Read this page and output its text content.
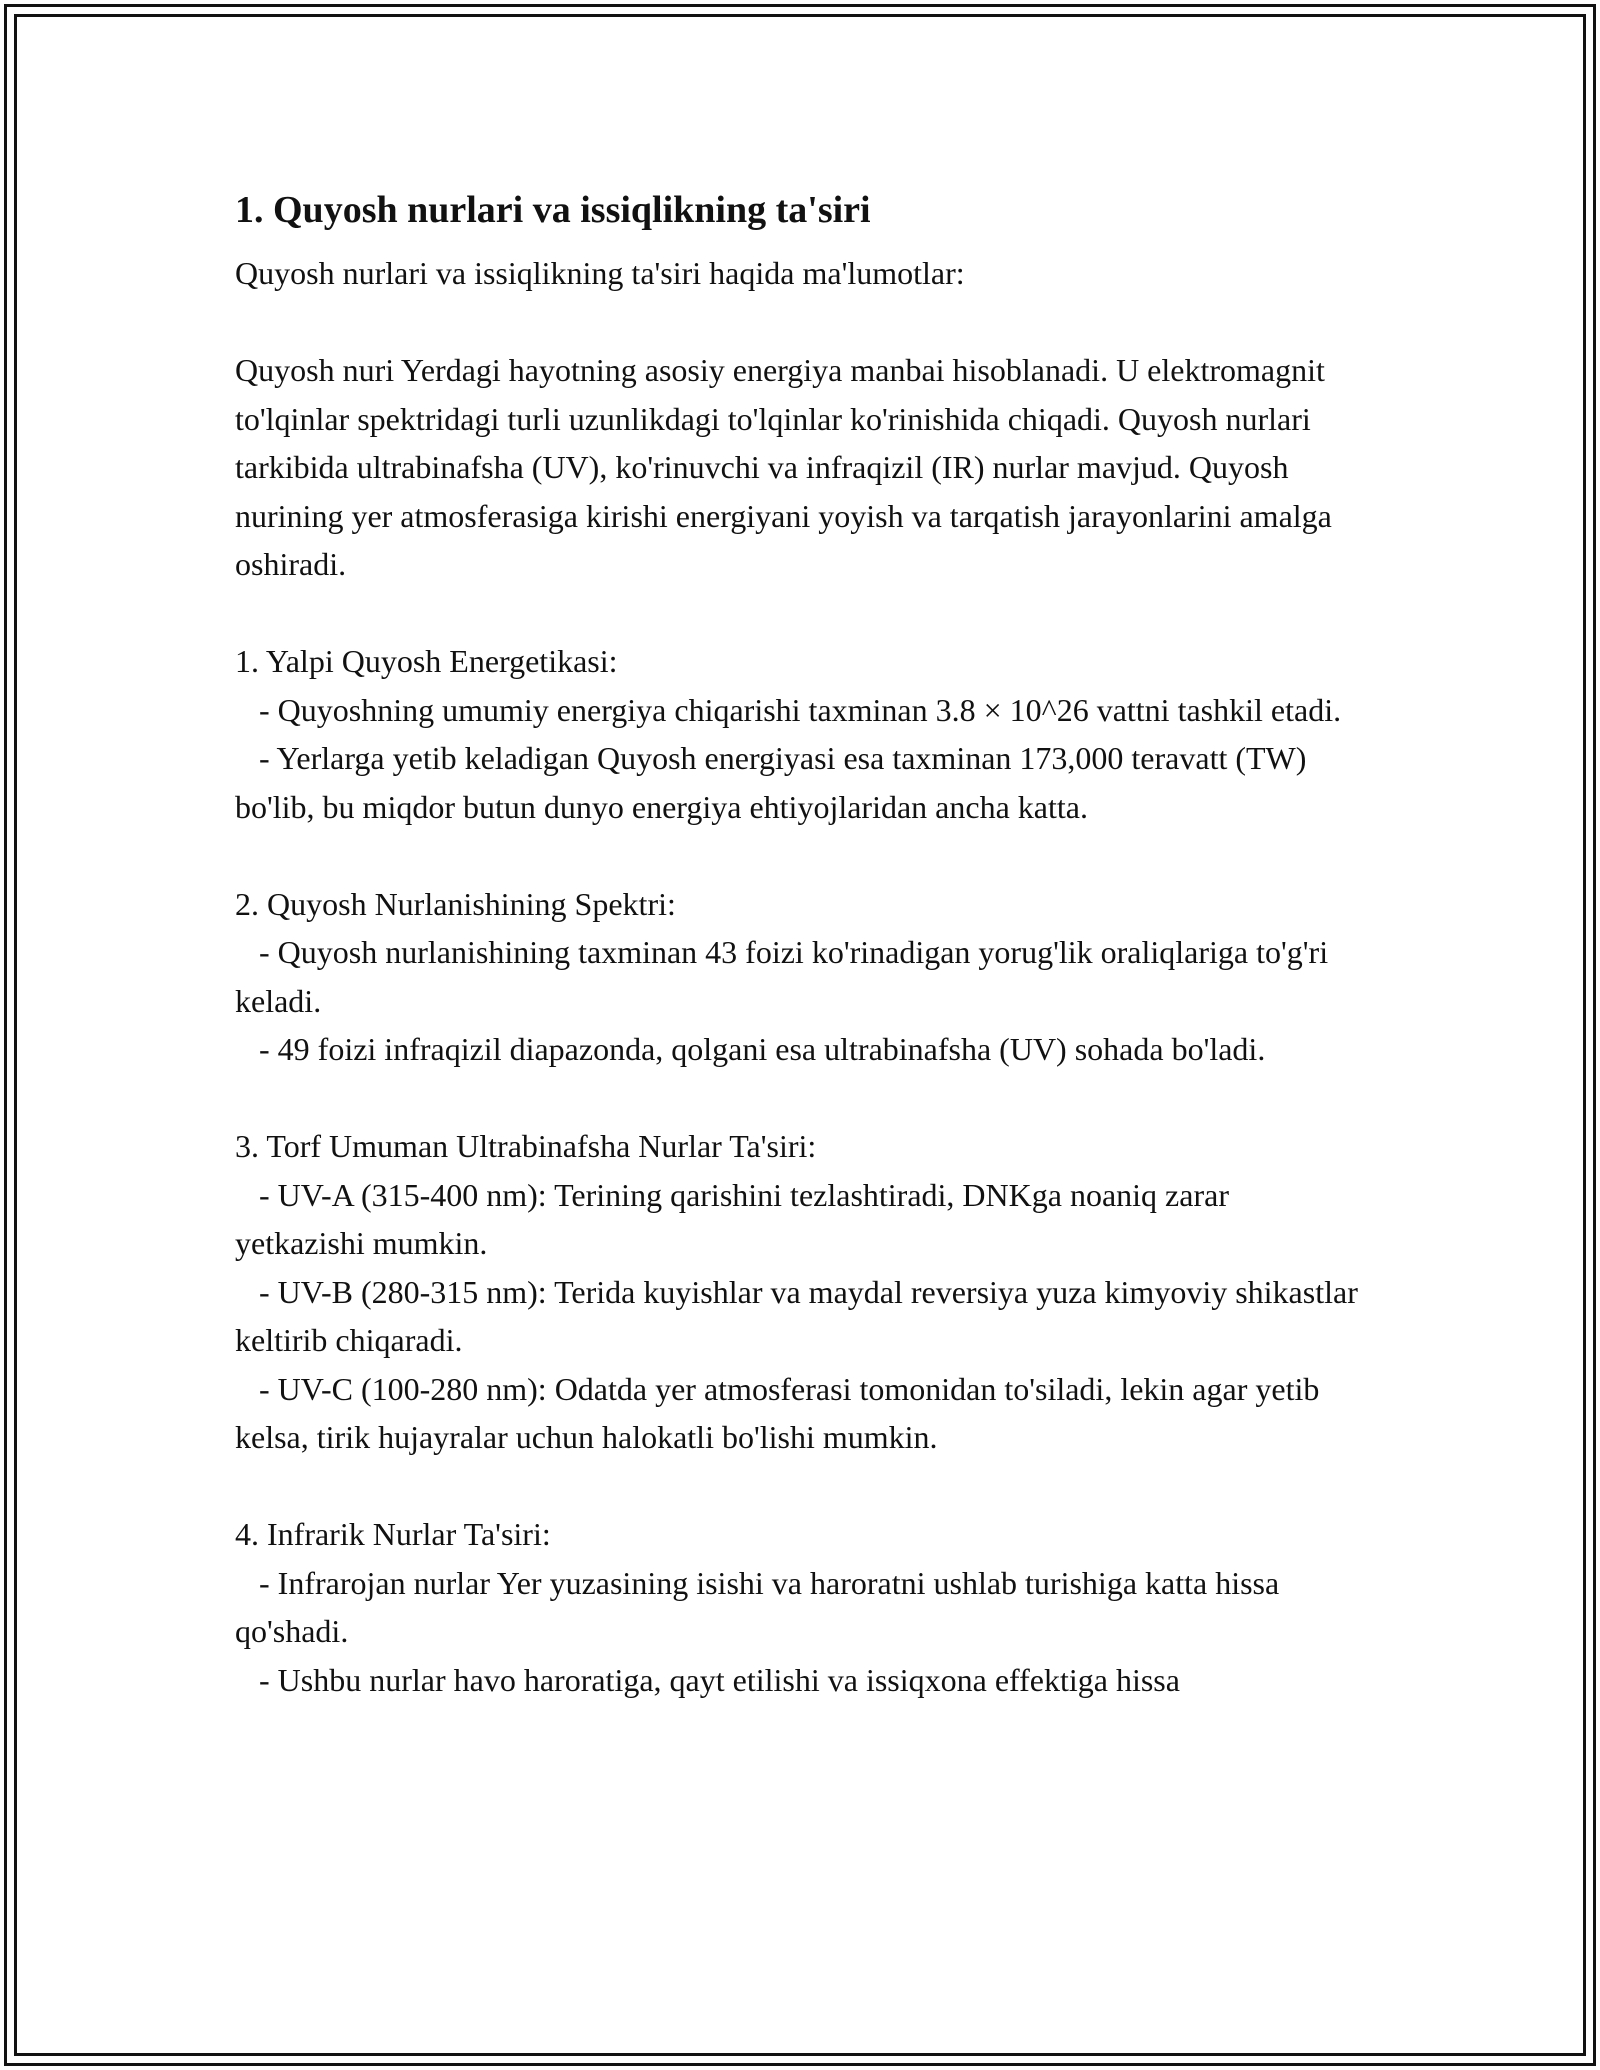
1. Quyosh nurlari va issiqlikning ta'siri

Quyosh nurlari va issiqlikning ta'siri haqida ma'lumotlar:

Quyosh nuri Yerdagi hayotning asosiy energiya manbai hisoblanadi. U elektromagnit to'lqinlar spektridagi turli uzunlikdagi to'lqinlar ko'rinishida chiqadi. Quyosh nurlari tarkibida ultrabinafsha (UV), ko'rinuvchi va infraqizil (IR) nurlar mavjud. Quyosh nurining yer atmosferasiga kirishi energiyani yoyish va tarqatish jarayonlarini amalga oshiradi.

1. Yalpi Quyosh Energetikasi:
- Quyoshning umumiy energiya chiqarishi taxminan 3.8 × 10^26 vattni tashkil etadi.
- Yerlarga yetib keladigan Quyosh energiyasi esa taxminan 173,000 teravatt (TW) bo'lib, bu miqdor butun dunyo energiya ehtiyojlaridan ancha katta.

2. Quyosh Nurlanishining Spektri:
- Quyosh nurlanishining taxminan 43 foizi ko'rinadigan yorug'lik oraliqlariga to'g'ri keladi.
- 49 foizi infraqizil diapazonda, qolgani esa ultrabinafsha (UV) sohada bo'ladi.

3. Torf Umuman Ultrabinafsha Nurlar Ta'siri:
- UV-A (315-400 nm): Terining qarishini tezlashtiradi, DNKga noaniq zarar yetkazishi mumkin.
- UV-B (280-315 nm): Terida kuyishlar va maydal reversiya yuza kimyoviy shikastlar keltirib chiqaradi.
- UV-C (100-280 nm): Odatda yer atmosferasi tomonidan to'siladi, lekin agar yetib kelsa, tirik hujayralar uchun halokatli bo'lishi mumkin.

4. Infrarik Nurlar Ta'siri:
- Infrarojan nurlar Yer yuzasining isishi va haroratni ushlab turishiga katta hissa qo'shadi.
- Ushbu nurlar havo haroratiga, qayt etilishi va issiqxona effektiga hissa
